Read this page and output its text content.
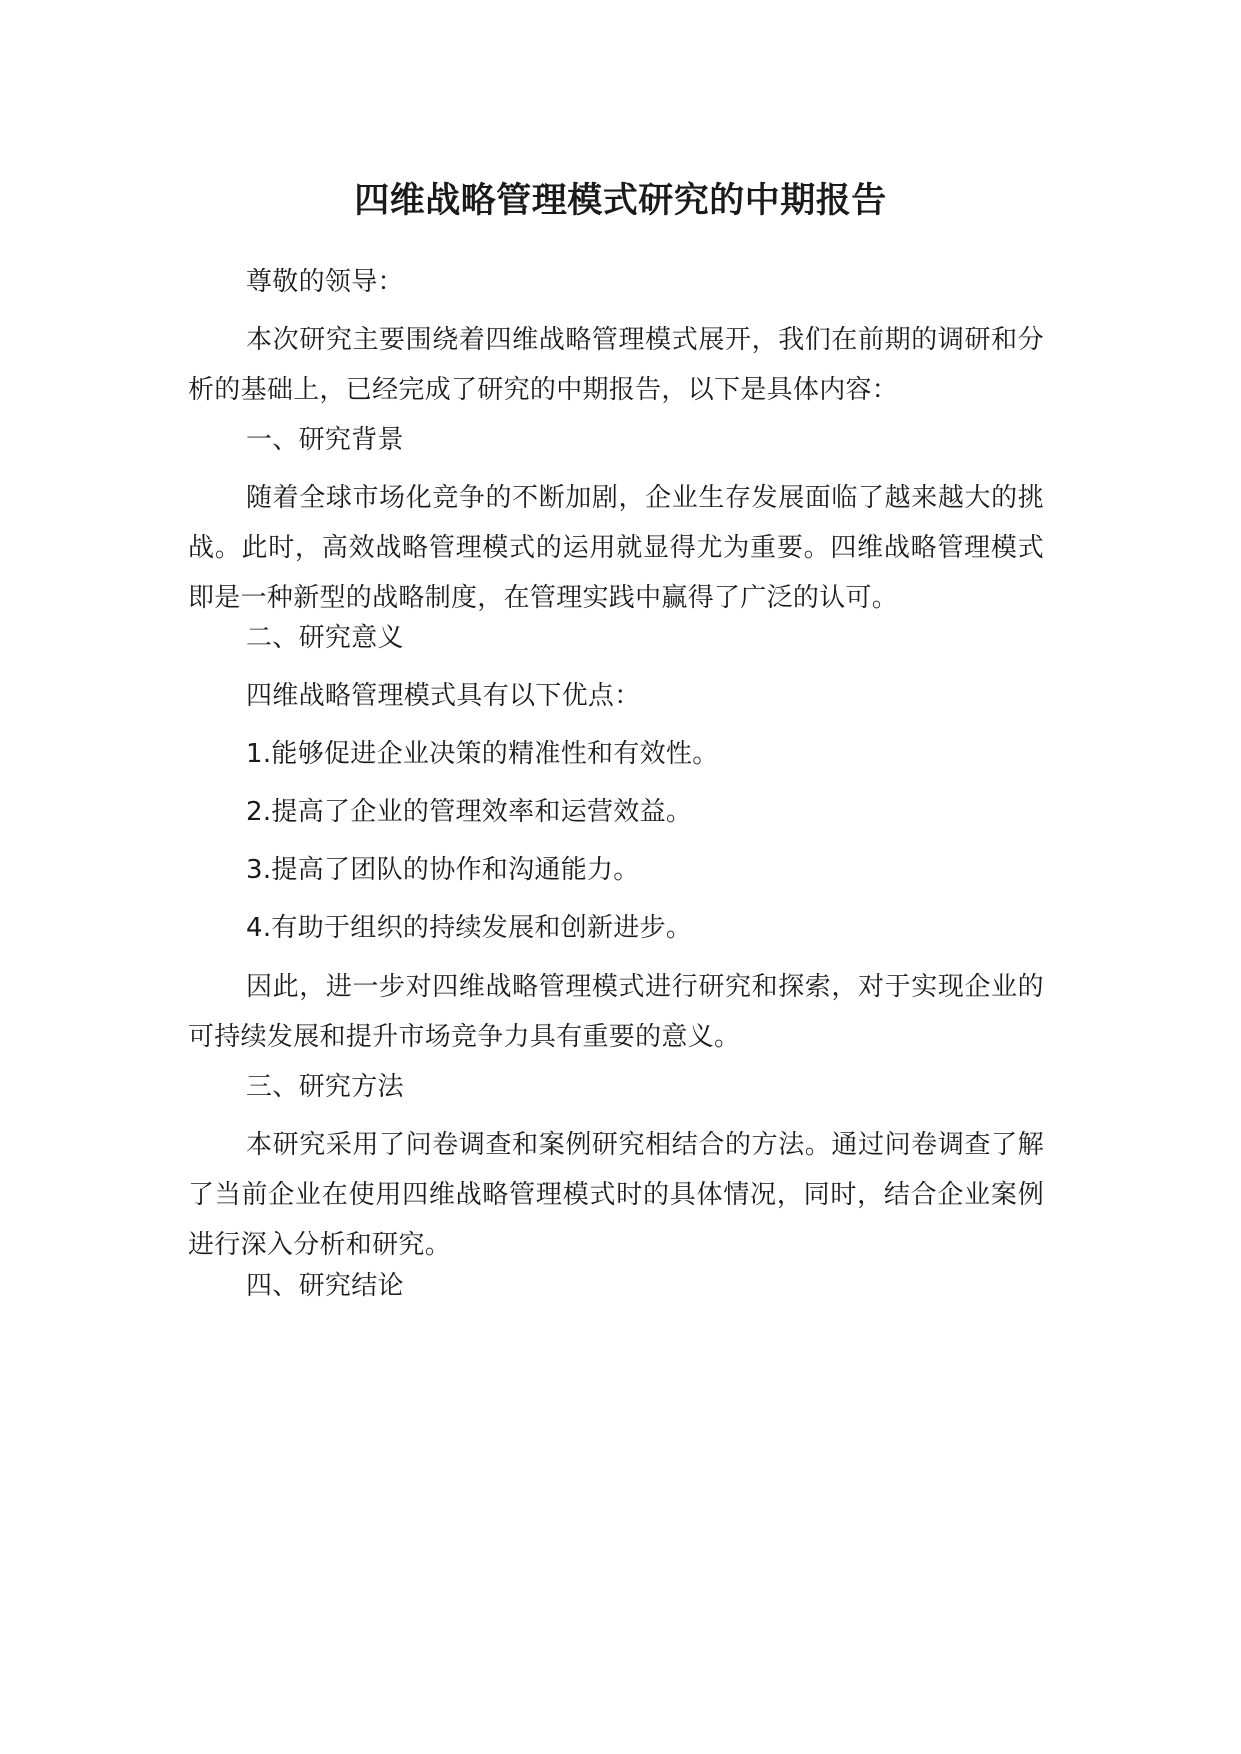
四维战略管理模式研究的中期报告

尊敬的领导：

本次研究主要围绕着四维战略管理模式展开，我们在前期的调研和分析的基础上，已经完成了研究的中期报告，以下是具体内容：

一、研究背景

随着全球市场化竞争的不断加剧，企业生存发展面临了越来越大的挑战。此时，高效战略管理模式的运用就显得尤为重要。四维战略管理模式即是一种新型的战略制度，在管理实践中赢得了广泛的认可。

二、研究意义

四维战略管理模式具有以下优点：

1.能够促进企业决策的精准性和有效性。

2.提高了企业的管理效率和运营效益。

3.提高了团队的协作和沟通能力。

4.有助于组织的持续发展和创新进步。

因此，进一步对四维战略管理模式进行研究和探索，对于实现企业的可持续发展和提升市场竞争力具有重要的意义。

三、研究方法

本研究采用了问卷调查和案例研究相结合的方法。通过问卷调查了解了当前企业在使用四维战略管理模式时的具体情况，同时，结合企业案例进行深入分析和研究。

四、研究结论
